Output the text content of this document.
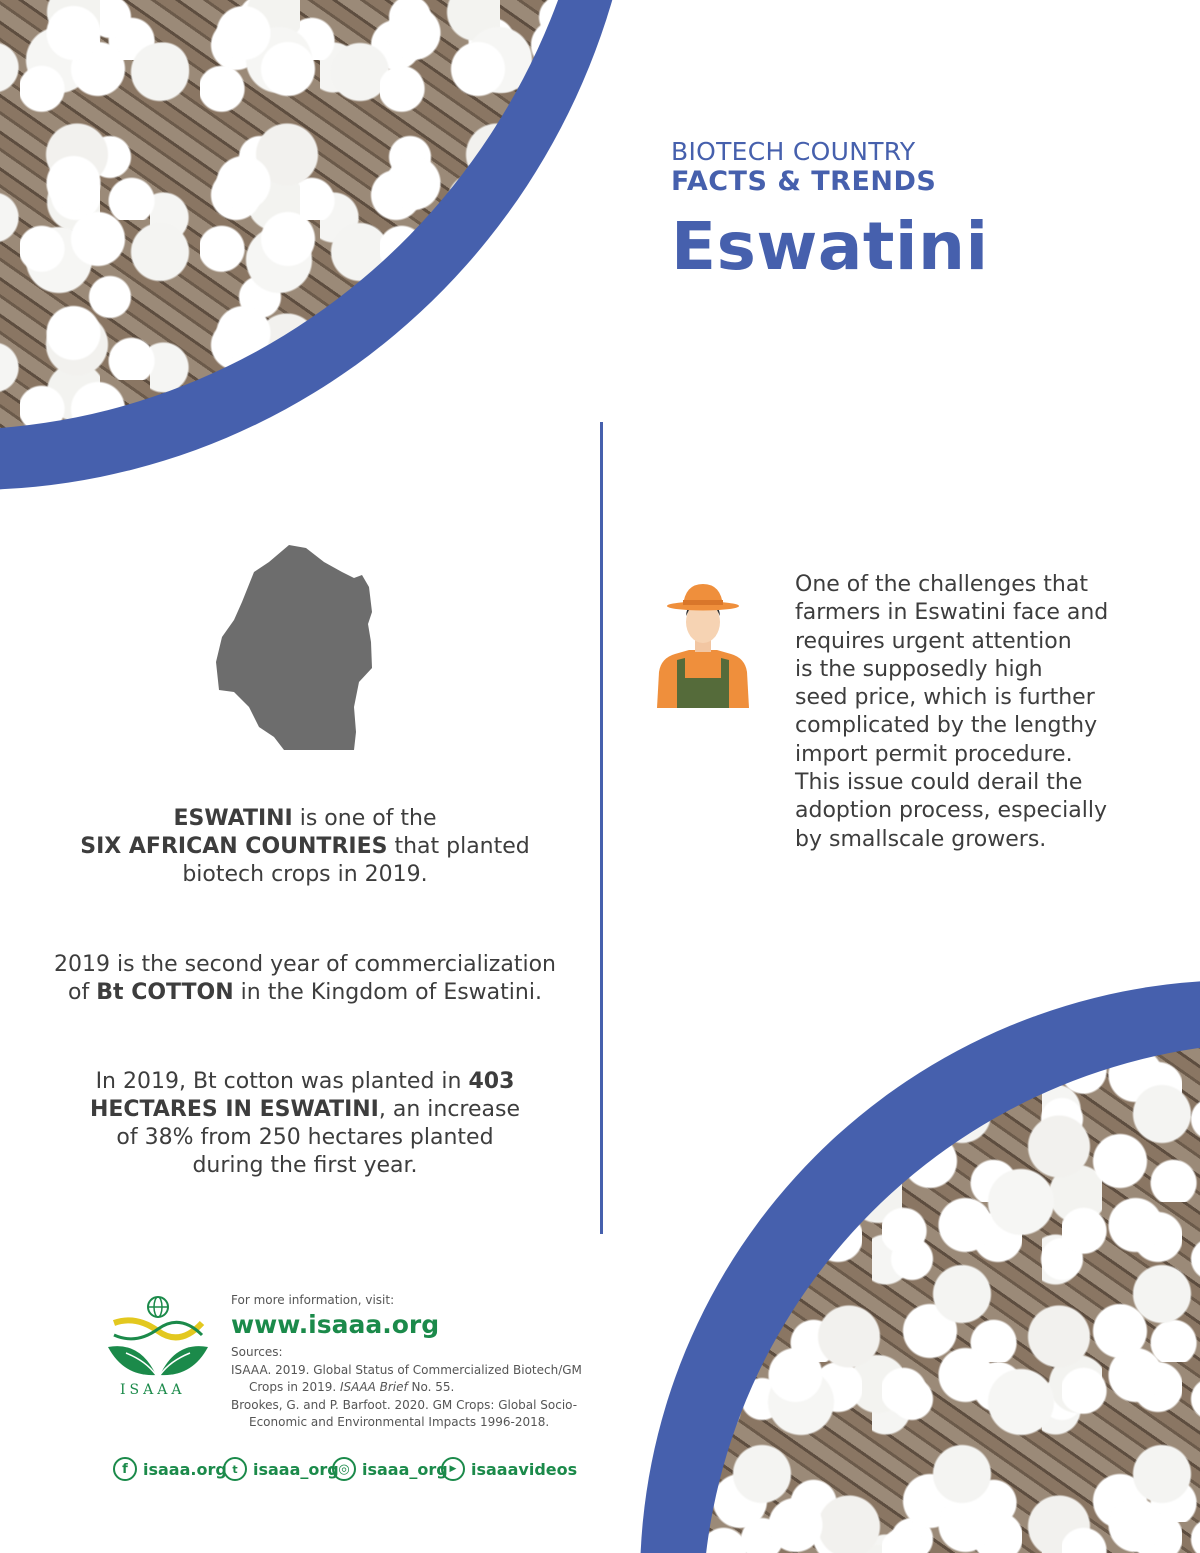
BIOTECH COUNTRY
FACTS & TRENDS
Eswatini
ESWATINI is one of the
SIX AFRICAN COUNTRIES that planted
biotech crops in 2019.
2019 is the second year of commercialization
of Bt COTTON in the Kingdom of Eswatini.
In 2019, Bt cotton was planted in 403
HECTARES IN ESWATINI, an increase
of 38% from 250 hectares planted
during the first year.
One of the challenges that
farmers in Eswatini face and
requires urgent attention
is the supposedly high
seed price, which is further
complicated by the lengthy
import permit procedure.
This issue could derail the
adoption process, especially
by smallscale growers.
ISAAA
For more information, visit:
www.isaaa.org
Sources:
ISAAA. 2019. Global Status of Commercialized Biotech/GM
Crops in 2019. ISAAA Brief No. 55.
Brookes, G. and P. Barfoot. 2020. GM Crops: Global Socio-
Economic and Environmental Impacts 1996-2018.
f isaaa.org t isaaa_org ◎ isaaa_org ▶ isaaavideos
